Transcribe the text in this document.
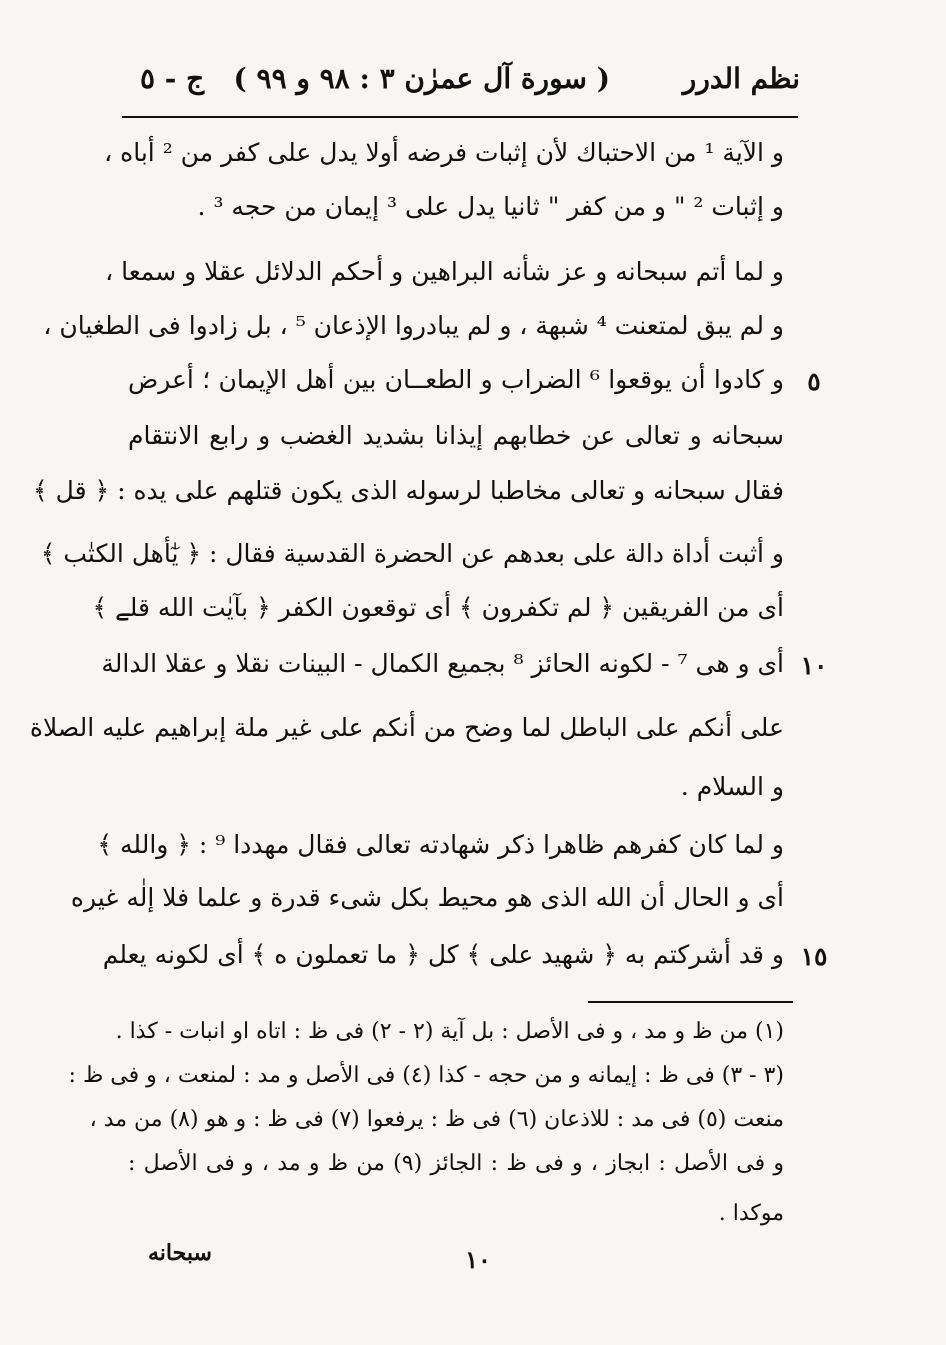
نظم الدرر
( سورة آل عمرٰن ٣ : ٩٨ و ٩٩ )
ج - ٥
و الآية ¹ من الاحتباك لأن إثبات فرضه أولا يدل على كفر من ² أباه ،
و إثبات ² " و من كفر " ثانيا يدل على ³ إيمان من حجه ³ .
و لما أتم سبحانه و عز شأنه البراهين و أحكم الدلائل عقلا و سمعا ،
و لم يبق لمتعنت ⁴ شبهة ، و لم يبادروا الإذعان ⁵ ، بل زادوا فى الطغيان ،
و كادوا أن يوقعوا ⁶ الضراب و الطعــان بين أهل الإيمان ؛ أعرض ٥
سبحانه و تعالى عن خطابهم إيذانا بشديد الغضب و رابع الانتقام
فقال سبحانه و تعالى مخاطبا لرسوله الذى يكون قتلهم على يده : ﴿ قل ﴾
و أثبت أداة دالة على بعدهم عن الحضرة القدسية فقال : ﴿ يٰٓأهل الكتٰب ﴾
أى من الفريقين ﴿ لم تكفرون ﴾ أى توقعون الكفر ﴿ بآيٰت الله قلے ﴾
أى و هى ⁷ - لكونه الحائز ⁸ بجميع الكمال - البينات نقلا و عقلا الدالة ١٠
على أنكم على الباطل لما وضح من أنكم على غير ملة إبراهيم عليه الصلاة
و السلام .
و لما كان كفرهم ظاهرا ذكر شهادته تعالى فقال مهددا ⁹ : ﴿ والله ﴾
أى و الحال أن الله الذى هو محيط بكل شىء قدرة و علما فلا إلٰه غيره
و قد أشركتم به ﴿ شهيد على ﴾ كل ﴿ ما تعملون ه ﴾ أى لكونه يعلم ١٥
(١) من ظ و مد ، و فى الأصل : بل آية (٢ - ٢) فى ظ : اتاه او انبات - كذا .
(٣ - ٣) فى ظ : إيمانه و من حجه - كذا (٤) فى الأصل و مد : لمنعت ، و فى ظ :
منعت (٥) فى مد : للاذعان (٦) فى ظ : يرفعوا (٧) فى ظ : و هو (٨) من مد ،
و فى الأصل : ابجاز ، و فى ظ : الجائز (٩) من ظ و مد ، و فى الأصل :
موكدا .
١٠
سبحانه
